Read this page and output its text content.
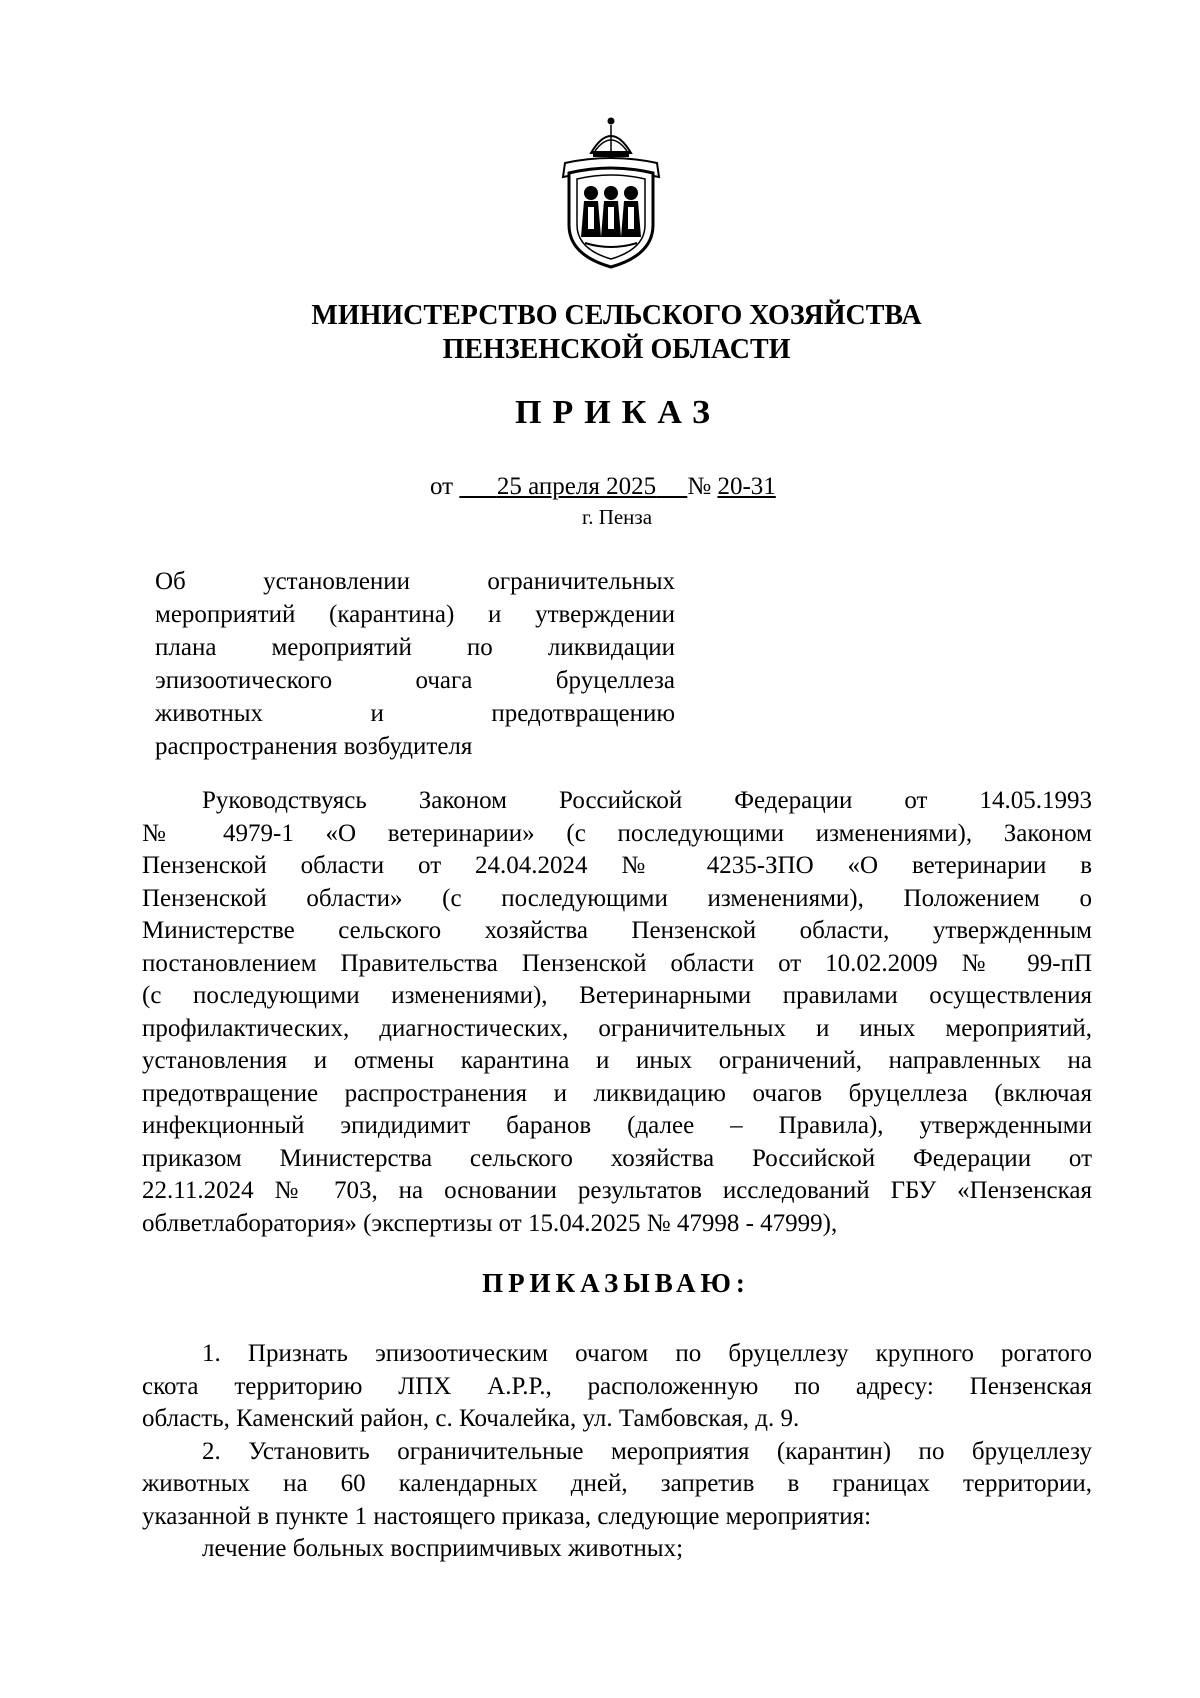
МИНИСТЕРСТВО СЕЛЬСКОГО ХОЗЯЙСТВА
ПЕНЗЕНСКОЙ ОБЛАСТИ
ПРИКАЗ
от 25 апреля 2025 № 20-31
г. Пенза
Об установлении ограничительных
мероприятий (карантина) и утверждении
плана мероприятий по ликвидации
эпизоотического очага бруцеллеза
животных и предотвращению
распространения возбудителя
Руководствуясь Законом Российской Федерации от 14.05.1993
№ 4979-1 «О ветеринарии» (с последующими изменениями), Законом
Пензенской области от 24.04.2024 № 4235-ЗПО «О ветеринарии в
Пензенской области» (с последующими изменениями), Положением о
Министерстве сельского хозяйства Пензенской области, утвержденным
постановлением Правительства Пензенской области от 10.02.2009 № 99-пП
(с последующими изменениями), Ветеринарными правилами осуществления
профилактических, диагностических, ограничительных и иных мероприятий,
установления и отмены карантина и иных ограничений, направленных на
предотвращение распространения и ликвидацию очагов бруцеллеза (включая
инфекционный эпидидимит баранов (далее – Правила), утвержденными
приказом Министерства сельского хозяйства Российской Федерации от
22.11.2024 № 703, на основании результатов исследований ГБУ «Пензенская
облветлаборатория» (экспертизы от 15.04.2025 № 47998 - 47999),
ПРИКАЗЫВАЮ:
1. Признать эпизоотическим очагом по бруцеллезу крупного рогатого
скота территорию ЛПХ А.Р.Р., расположенную по адресу: Пензенская
область, Каменский район, с. Кочалейка, ул. Тамбовская, д. 9.
2. Установить ограничительные мероприятия (карантин) по бруцеллезу
животных на 60 календарных дней, запретив в границах территории,
указанной в пункте 1 настоящего приказа, следующие мероприятия:
лечение больных восприимчивых животных;
